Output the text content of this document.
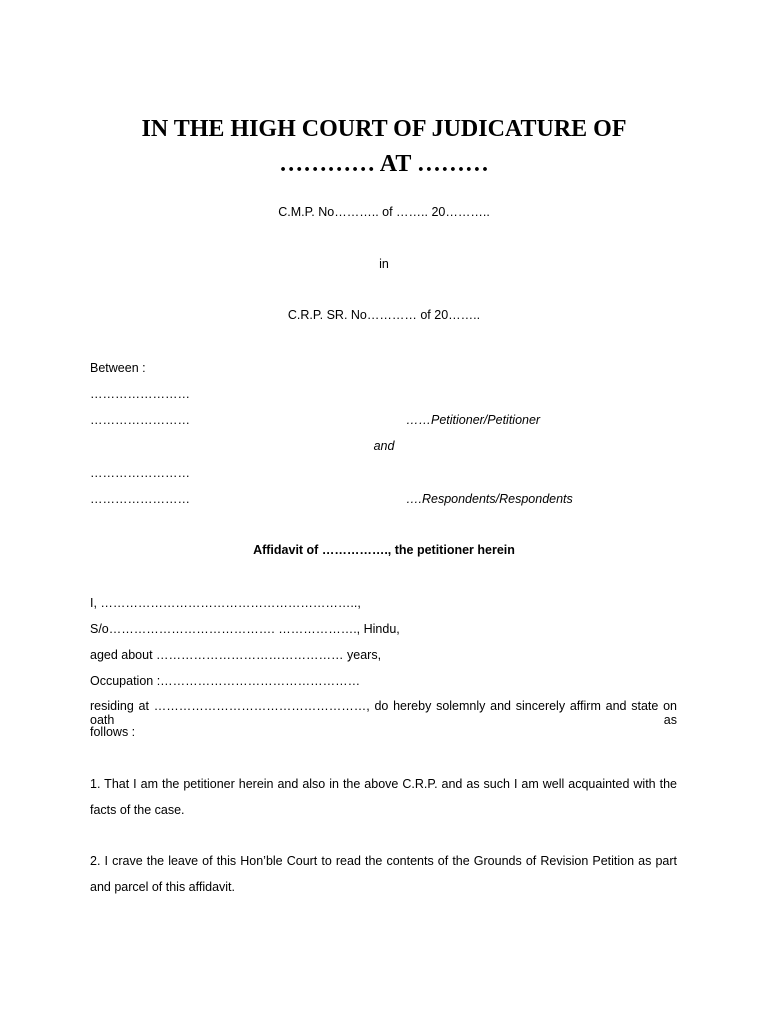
IN THE HIGH COURT OF JUDICATURE OF
………… AT ………
C.M.P. No……….. of …….. 20………..
in
C.R.P. SR. No………… of 20……..
Between :
……………………
……………………	……Petitioner/Petitioner
and
……………………
……………………	….Respondents/Respondents
Affidavit of ……………., the petitioner herein
I, ……………………………………………………..,
S/o…………………………………. ………………., Hindu,
aged about ……………………………………… years,
Occupation :…………………………………………
residing at ……………………………………………, do hereby solemnly and sincerely affirm and state on oath as
follows :
1. That I am the petitioner herein and also in the above C.R.P. and as such I am well acquainted with the facts of the case.
2. I crave the leave of this Hon’ble Court to read the contents of the Grounds of Revision Petition as part and parcel of this affidavit.
